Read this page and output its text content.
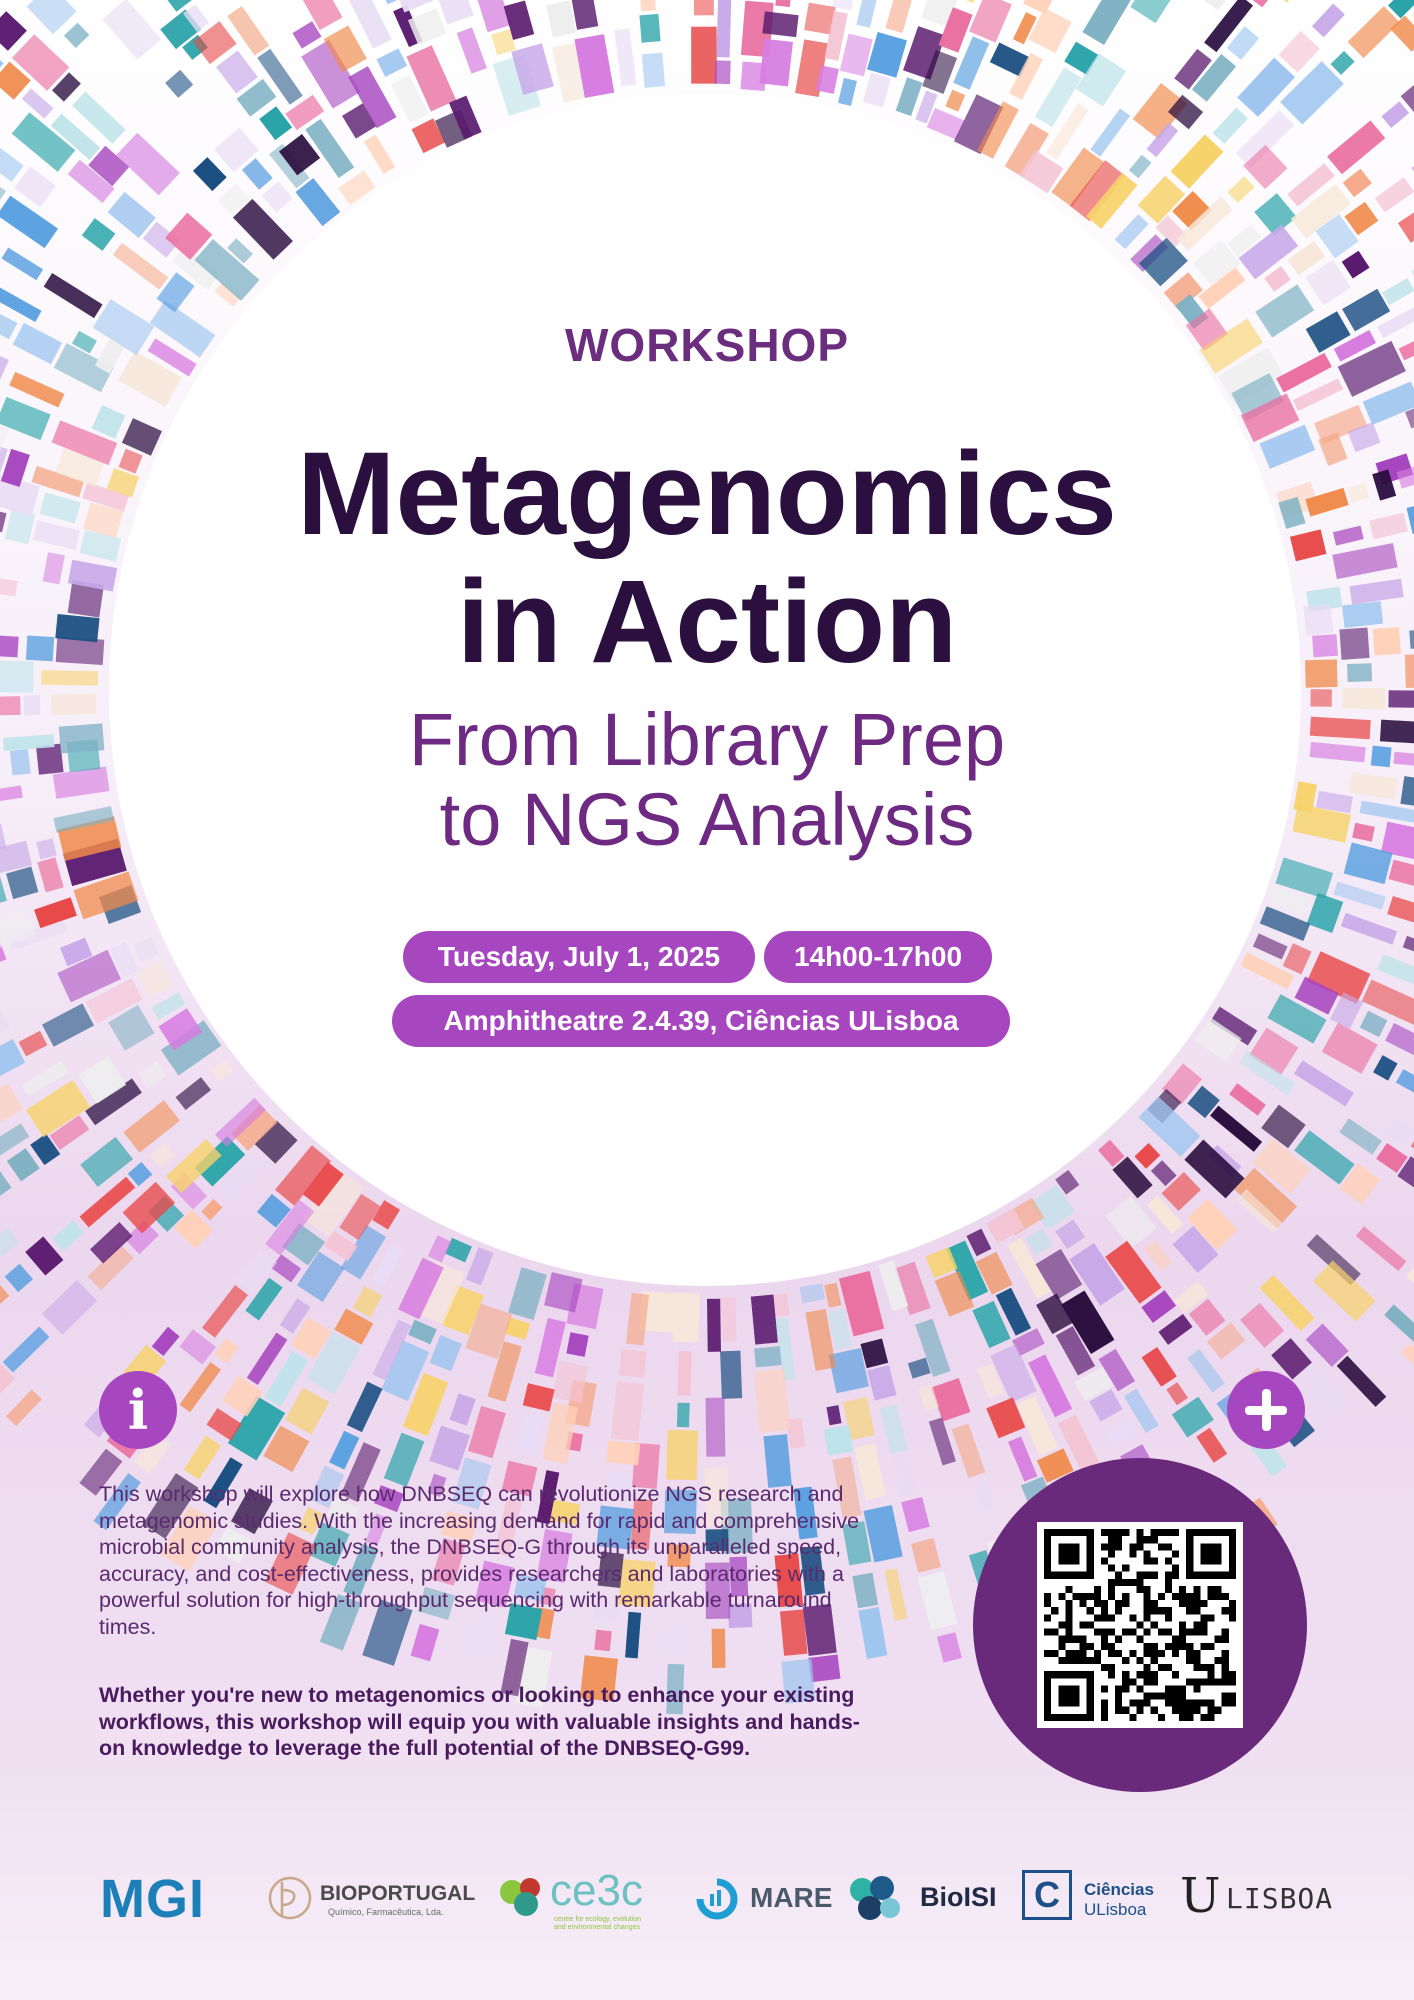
WORKSHOP
Metagenomics
in Action
From Library Prep
to NGS Analysis
Tuesday, July 1, 2025	14h00-17h00
Amphitheatre 2.4.39, Ciências ULisboa
i
This workshop will explore how DNBSEQ can revolutionize NGS research and metagenomic studies. With the increasing demand for rapid and comprehensive microbial community analysis, the DNBSEQ-G through its unparalleled speed, accuracy, and cost-effectiveness, provides researchers and laboratories with a powerful solution for high-throughput sequencing with remarkable turnaround times.
Whether you're new to metagenomics or looking to enhance your existing workflows, this workshop will equip you with valuable insights and hands-on knowledge to leverage the full potential of the DNBSEQ-G99.
MGI	BIOPORTUGAL
Químico, Farmacêutica, Lda. ce3c
centre for ecology, evolution and environmental changes
MARE	BioISI C	Ciências
ULisboa U LISBOA
